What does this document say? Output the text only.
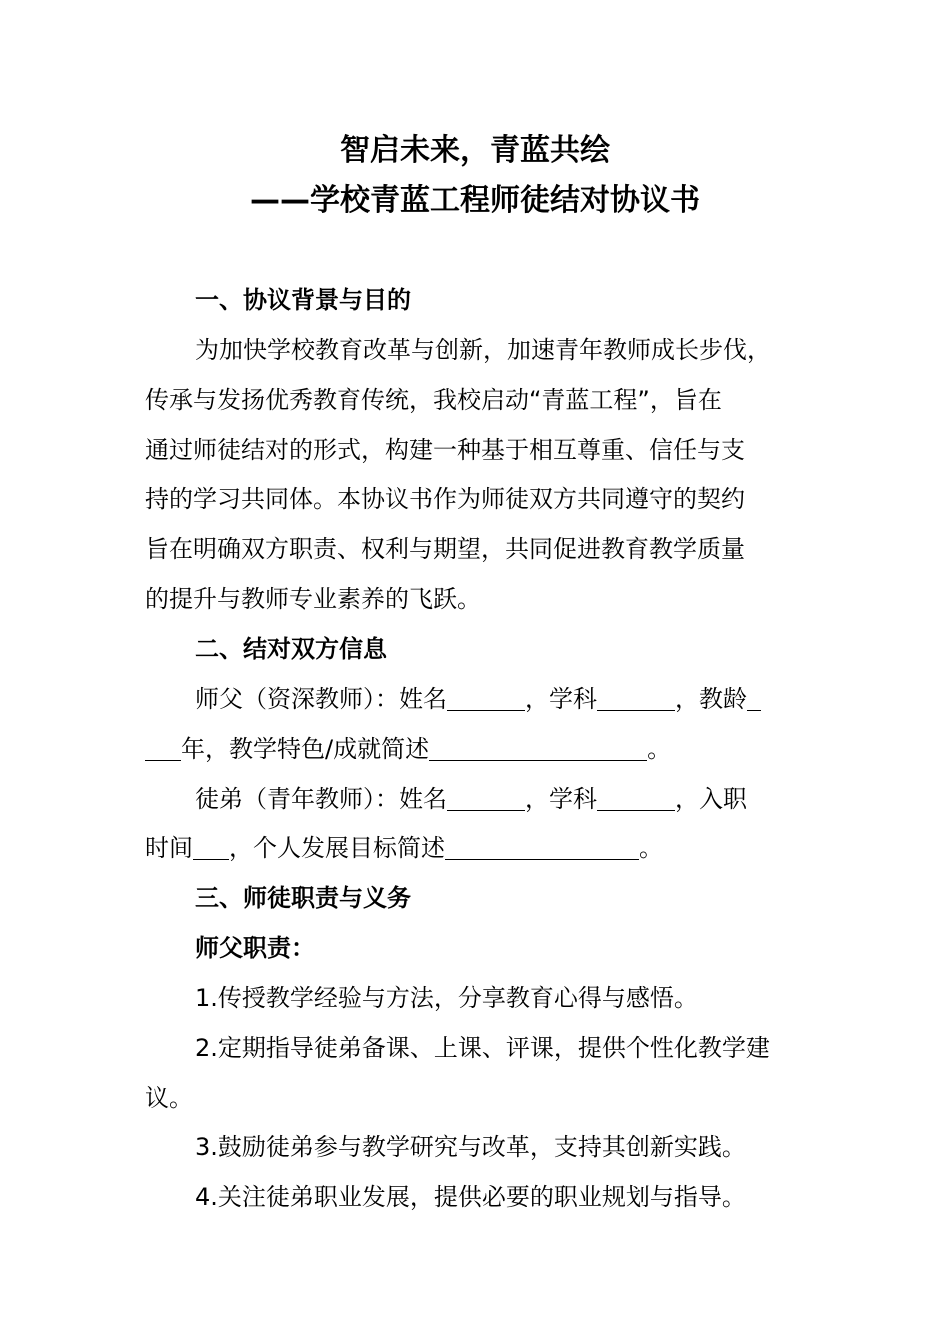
智启未来，青蓝共绘
——学校青蓝工程师徒结对协议书
一、协议背景与目的
为加快学校教育改革与创新，加速青年教师成长步伐，
传承与发扬优秀教育传统，我校启动“青蓝工程”，旨在
通过师徒结对的形式，构建一种基于相互尊重、信任与支
持的学习共同体。本协议书作为师徒双方共同遵守的契约
旨在明确双方职责、权利与期望，共同促进教育教学质量
的提升与教师专业素养的飞跃。
二、结对双方信息
师父（资深教师）：姓名	，学科	，教龄
年，教学特色/成就简述	。
徒弟（青年教师）：姓名	，学科	，入职
时间 ，个人发展目标简述	。
三、师徒职责与义务
师父职责：
1.传授教学经验与方法，分享教育心得与感悟。
2.定期指导徒弟备课、上课、评课，提供个性化教学建
议。
3.鼓励徒弟参与教学研究与改革，支持其创新实践。
4.关注徒弟职业发展，提供必要的职业规划与指导。
